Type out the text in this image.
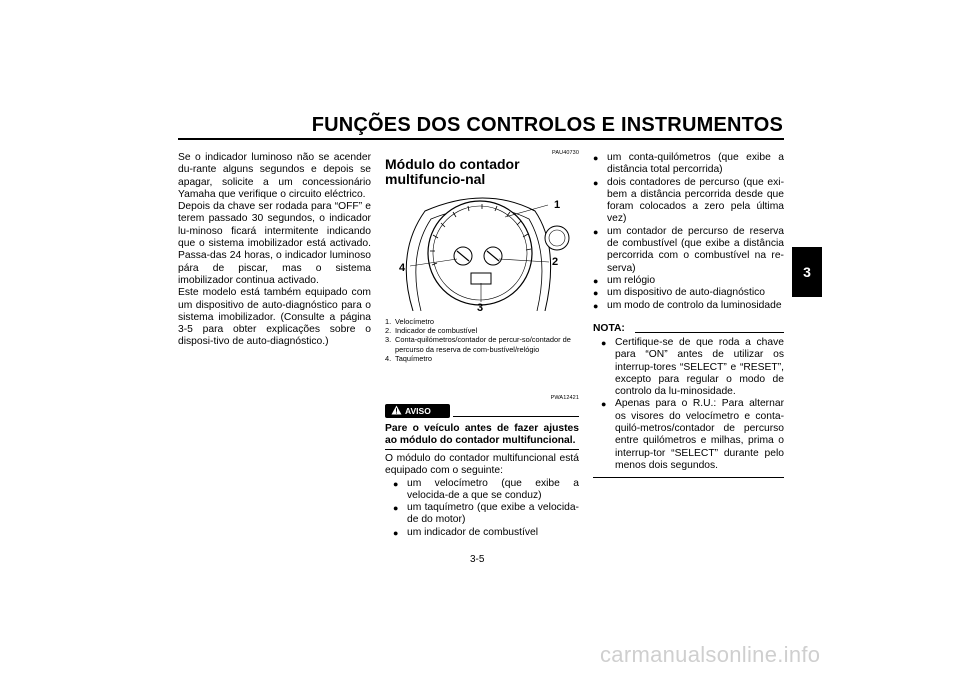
FUNÇÕES DOS CONTROLOS E INSTRUMENTOS
3

Se o indicador luminoso não se acender du-rante alguns segundos e depois se apagar, solicite a um concessionário Yamaha que verifique o circuito eléctrico.

Depois da chave ser rodada para “OFF” e terem passado 30 segundos, o indicador lu-minoso ficará intermitente indicando que o sistema imobilizador está activado. Passa-das 24 horas, o indicador luminoso pára de piscar, mas o sistema imobilizador continua activado.

Este modelo está também equipado com um dispositivo de auto-diagnóstico para o sistema imobilizador. (Consulte a página 3-5 para obter explicações sobre o disposi-tivo de auto-diagnóstico.)

PAU40730
Módulo do contador multifuncio-nal
1
2
3
4
1. Velocímetro
2. Indicador de combustível
3. Conta-quilómetros/contador de percur-so/contador de percurso da reserva de com-bustível/relógio
4. Taquímetro
PWA12421
AVISO
Pare o veículo antes de fazer ajustes ao módulo do contador multifuncional.

O módulo do contador multifuncional está equipado com o seguinte:

● um velocímetro (que exibe a velocida-de a que se conduz)
● um taquímetro (que exibe a velocida-de do motor)
● um indicador de combustível
● um conta-quilómetros (que exibe a distância total percorrida)
● dois contadores de percurso (que exi-bem a distância percorrida desde que foram colocados a zero pela última vez)
● um contador de percurso de reserva de combustível (que exibe a distância percorrida com o combustível na re-serva)
● um relógio
● um dispositivo de auto-diagnóstico
● um modo de controlo da luminosidade
NOTA:
● Certifique-se de que roda a chave para “ON” antes de utilizar os interrup-tores “SELECT” e “RESET”, excepto para regular o modo de controlo da lu-minosidade.
● Apenas para o R.U.: Para alternar os visores do velocímetro e conta-quiló-metros/contador de percurso entre quilómetros e milhas, prima o interrup-tor “SELECT” durante pelo menos dois segundos.
3-5
carmanualsonline.info
